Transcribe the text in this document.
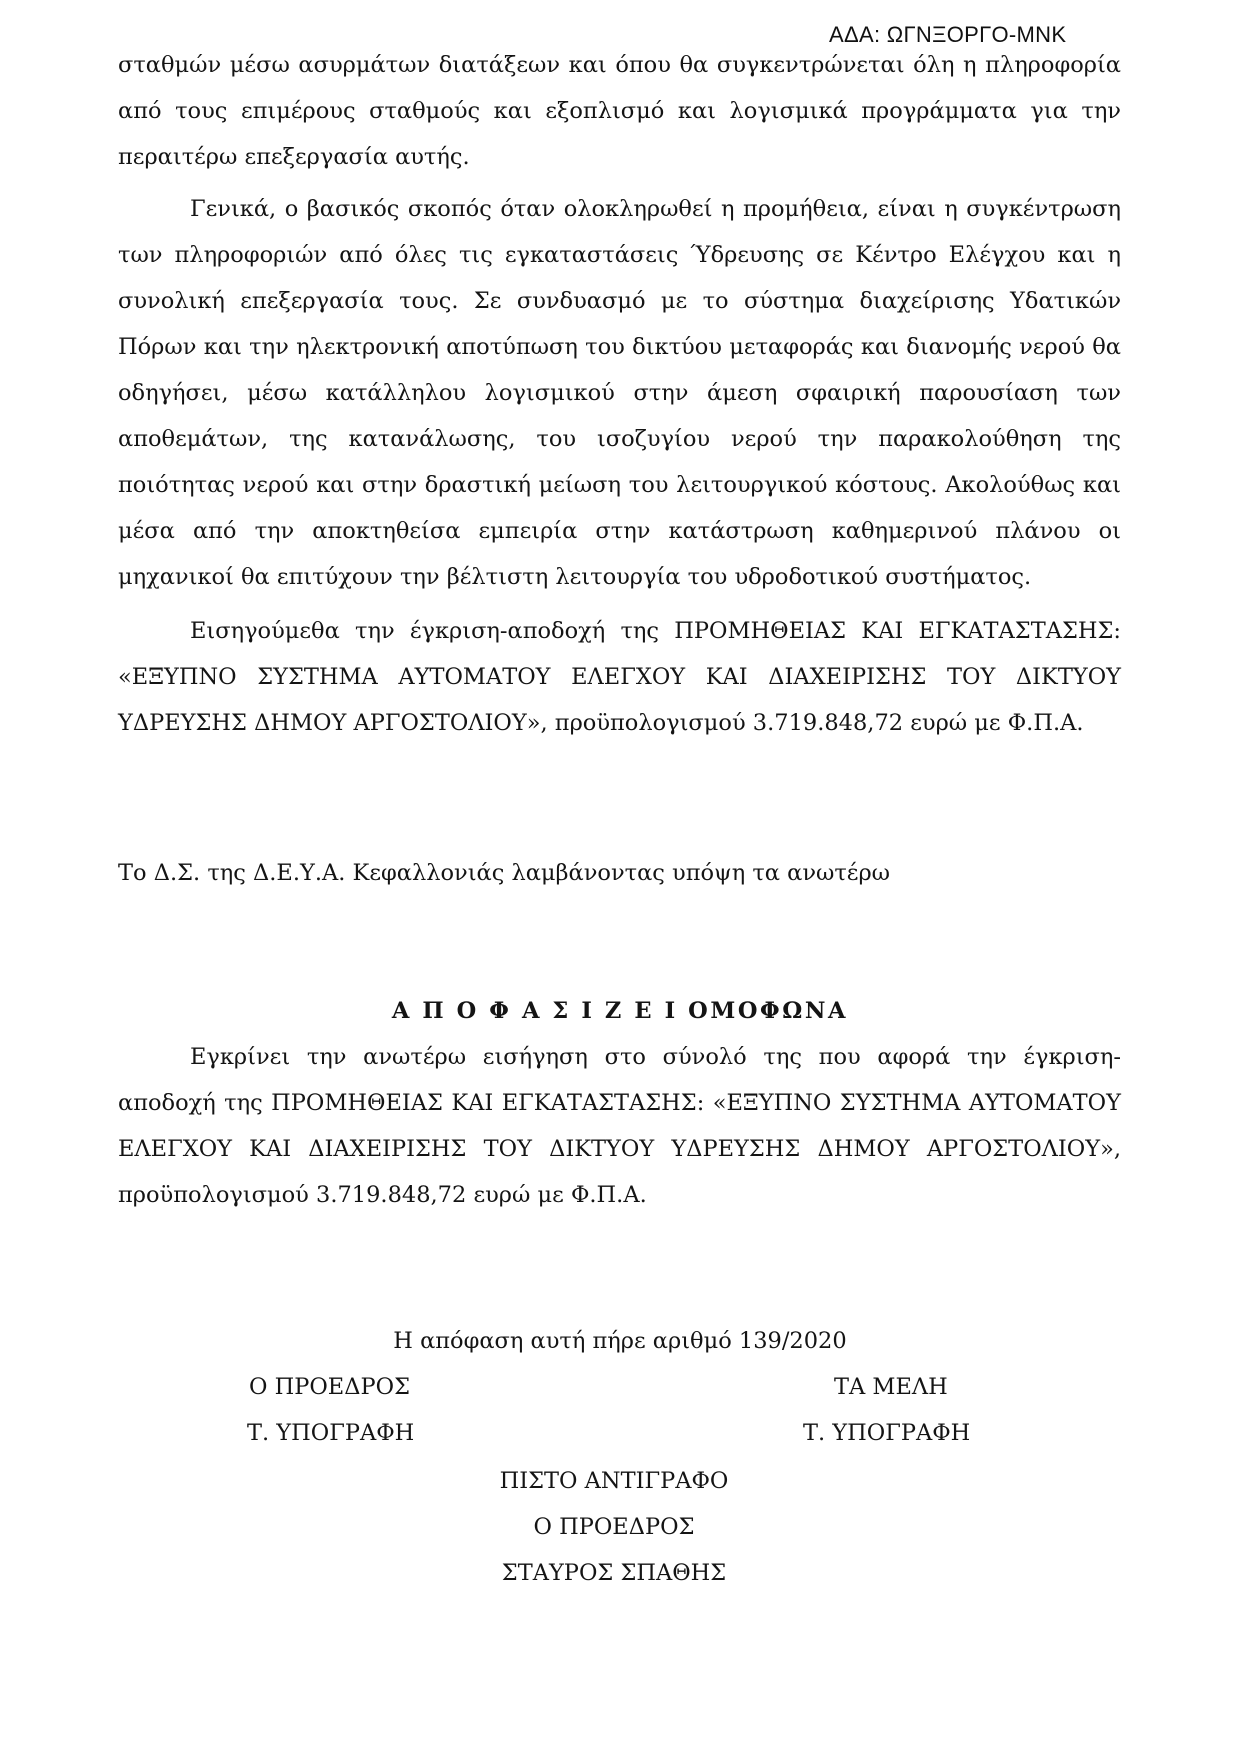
ΑΔΑ: ΩΓΝΞΟΡΓΟ-ΜΝΚ

σταθμών μέσω ασυρμάτων διατάξεων και όπου θα συγκεντρώνεται όλη η πληροφορία από τους επιμέρους σταθμούς και εξοπλισμό και λογισμικά προγράμματα για την περαιτέρω επεξεργασία αυτής.

Γενικά, ο βασικός σκοπός όταν ολοκληρωθεί η προμήθεια, είναι η συγκέντρωση των πληροφοριών από όλες τις εγκαταστάσεις Ύδρευσης σε Κέντρο Ελέγχου και η συνολική επεξεργασία τους. Σε συνδυασμό με το σύστημα διαχείρισης Υδατικών Πόρων και την ηλεκτρονική αποτύπωση του δικτύου μεταφοράς και διανομής νερού θα οδηγήσει, μέσω κατάλληλου λογισμικού στην άμεση σφαιρική παρουσίαση των αποθεμάτων, της κατανάλωσης, του ισοζυγίου νερού την παρακολούθηση της ποιότητας νερού και στην δραστική μείωση του λειτουργικού κόστους. Ακολούθως και μέσα από την αποκτηθείσα εμπειρία στην κατάστρωση καθημερινού πλάνου οι μηχανικοί θα επιτύχουν την βέλτιστη λειτουργία του υδροδοτικού συστήματος.

Εισηγούμεθα την έγκριση-αποδοχή της ΠΡΟΜΗΘΕΙΑΣ ΚΑΙ ΕΓΚΑΤΑΣΤΑΣΗΣ: «ΕΞΥΠΝΟ ΣΥΣΤΗΜΑ ΑΥΤΟΜΑΤΟΥ ΕΛΕΓΧΟΥ ΚΑΙ ΔΙΑΧΕΙΡΙΣΗΣ ΤΟΥ ΔΙΚΤΥΟΥ ΥΔΡΕΥΣΗΣ ΔΗΜΟΥ ΑΡΓΟΣΤΟΛΙΟΥ», προϋπολογισμού 3.719.848,72 ευρώ με Φ.Π.Α.

Το Δ.Σ. της Δ.Ε.Υ.Α. Κεφαλλονιάς λαμβάνοντας υπόψη τα ανωτέρω
Α Π Ο Φ Α Σ Ι Ζ Ε Ι ΟΜΟΦΩΝΑ

Εγκρίνει την ανωτέρω εισήγηση στο σύνολό της που αφορά την έγκριση-αποδοχή της ΠΡΟΜΗΘΕΙΑΣ ΚΑΙ ΕΓΚΑΤΑΣΤΑΣΗΣ: «ΕΞΥΠΝΟ ΣΥΣΤΗΜΑ ΑΥΤΟΜΑΤΟΥ ΕΛΕΓΧΟΥ ΚΑΙ ΔΙΑΧΕΙΡΙΣΗΣ ΤΟΥ ΔΙΚΤΥΟΥ ΥΔΡΕΥΣΗΣ ΔΗΜΟΥ ΑΡΓΟΣΤΟΛΙΟΥ», προϋπολογισμού 3.719.848,72 ευρώ με Φ.Π.Α.

Η απόφαση αυτή πήρε αριθμό 139/2020
Ο ΠΡΟΕΔΡΟΣ	ΤΑ ΜΕΛΗ
Τ. ΥΠΟΓΡΑΦΗ	Τ. ΥΠΟΓΡΑΦΗ
ΠΙΣΤΟ ΑΝΤΙΓΡΑΦΟ
Ο ΠΡΟΕΔΡΟΣ
ΣΤΑΥΡΟΣ ΣΠΑΘΗΣ
